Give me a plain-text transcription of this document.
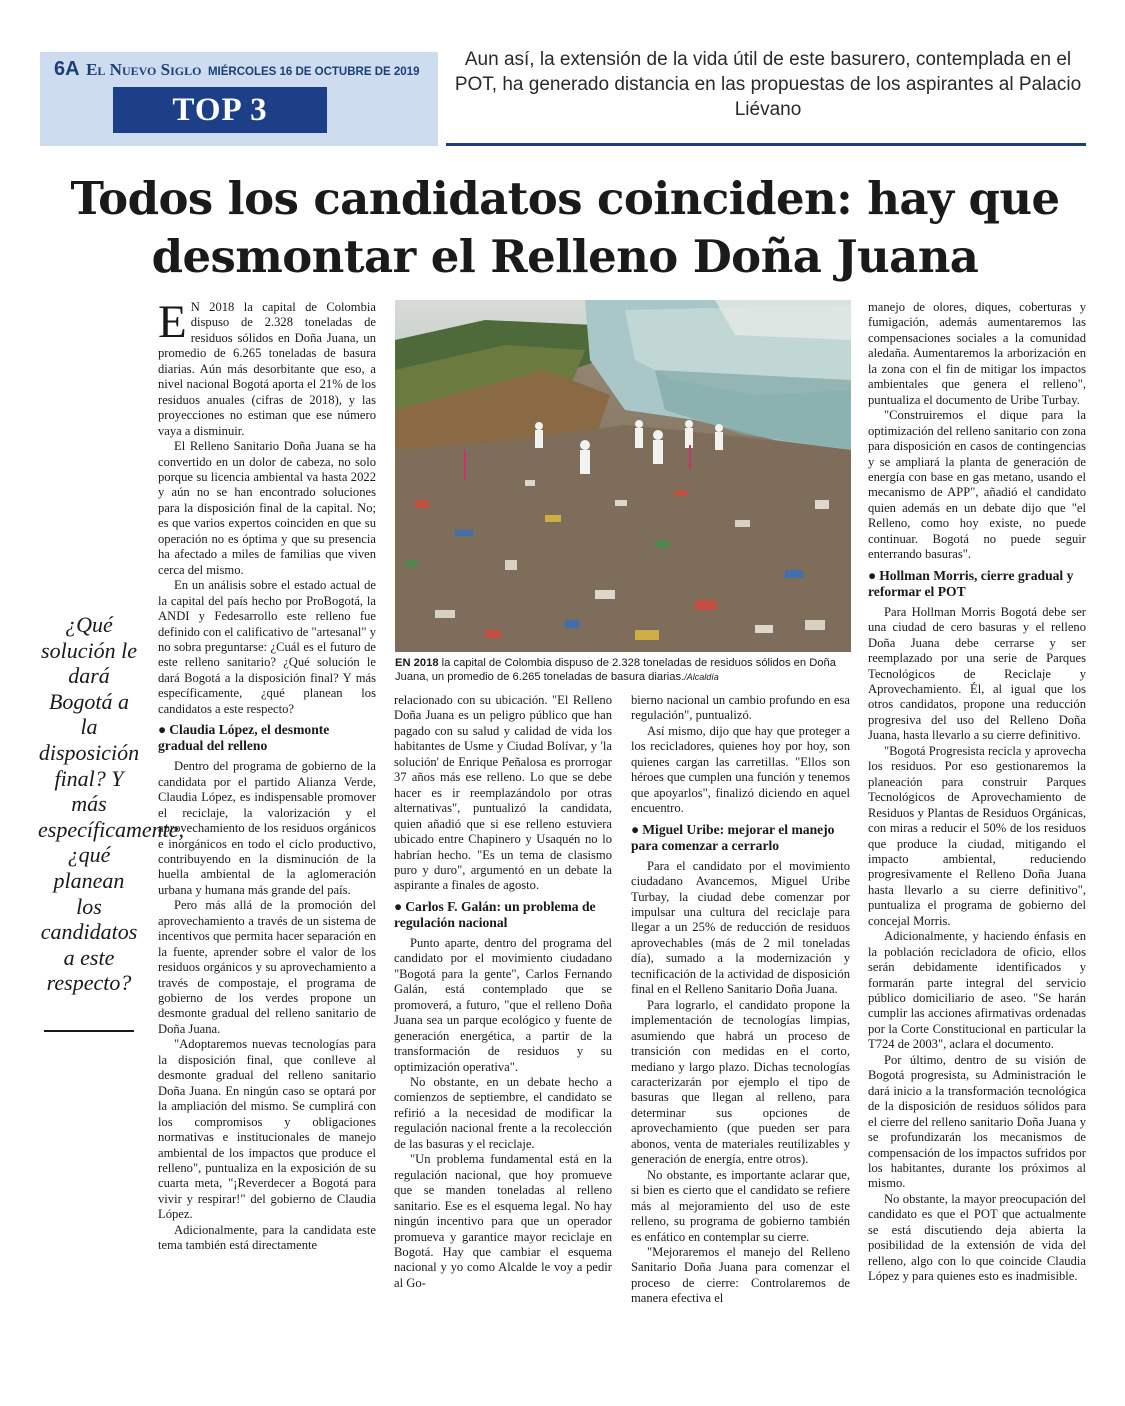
6A El Nuevo Siglo MIÉRCOLES 16 DE OCTUBRE DE 2019
TOP 3
Aun así, la extensión de la vida útil de este basurero, contemplada en el POT, ha generado distancia en las propuestas de los aspirantes al Palacio Liévano
Todos los candidatos coinciden: hay que
desmontar el Relleno Doña Juana
¿Qué solución le dará Bogotá a la disposición final? Y más específicamente, ¿qué planean los candidatos a este respecto?

E N 2018 la capital de Colombia dispuso de 2.328 toneladas de residuos sólidos en Doña Juana, un promedio de 6.265 toneladas de basura diarias. Aún más desorbitante que eso, a nivel nacional Bogotá aporta el 21% de los residuos anuales (cifras de 2018), y las proyecciones no estiman que ese número vaya a disminuir.

El Relleno Sanitario Doña Juana se ha convertido en un dolor de cabeza, no solo porque su licencia ambiental va hasta 2022 y aún no se han encontrado soluciones para la disposición final de la capital. No; es que varios expertos coinciden en que su operación no es óptima y que su presencia ha afectado a miles de familias que viven cerca del mismo.

En un análisis sobre el estado actual de la capital del país hecho por ProBogotá, la ANDI y Fedesarrollo este relleno fue definido con el calificativo de "artesanal" y no sobra preguntarse: ¿Cuál es el futuro de este relleno sanitario? ¿Qué solución le dará Bogotá a la disposición final? Y más específicamente, ¿qué planean los candidatos a este respecto?

● Claudia López, el desmonte gradual del relleno

Dentro del programa de gobierno de la candidata por el partido Alianza Verde, Claudia López, es indispensable promover el reciclaje, la valorización y el aprovechamiento de los residuos orgánicos e inorgánicos en todo el ciclo productivo, contribuyendo en la disminución de la huella ambiental de la aglomeración urbana y humana más grande del país.

Pero más allá de la promoción del aprovechamiento a través de un sistema de incentivos que permita hacer separación en la fuente, aprender sobre el valor de los residuos orgánicos y su aprovechamiento a través de compostaje, el programa de gobierno de los verdes propone un desmonte gradual del relleno sanitario de Doña Juana.

"Adoptaremos nuevas tecnologías para la disposición final, que conlleve al desmonte gradual del relleno sanitario Doña Juana. En ningún caso se optará por la ampliación del mismo. Se cumplirá con los compromisos y obligaciones normativas e institucionales de manejo ambiental de los impactos que produce el relleno", puntualiza en la exposición de su cuarta meta, "¡Reverdecer a Bogotá para vivir y respirar!" del gobierno de Claudia López.

Adicionalmente, para la candidata este tema también está directamente

EN 2018 la capital de Colombia dispuso de 2.328 toneladas de residuos sólidos en Doña Juana, un promedio de 6.265 toneladas de basura diarias./Alcaldía

relacionado con su ubicación. "El Relleno Doña Juana es un peligro público que han pagado con su salud y calidad de vida los habitantes de Usme y Ciudad Bolívar, y 'la solución' de Enrique Peñalosa es prorrogar 37 años más ese relleno. Lo que se debe hacer es ir reemplazándolo por otras alternativas", puntualizó la candidata, quien añadió que si ese relleno estuviera ubicado entre Chapinero y Usaquén no lo habrían hecho. "Es un tema de clasismo puro y duro", argumentó en un debate la aspirante a finales de agosto.

● Carlos F. Galán: un problema de regulación nacional

Punto aparte, dentro del programa del candidato por el movimiento ciudadano "Bogotá para la gente", Carlos Fernando Galán, está contemplado que se promoverá, a futuro, "que el relleno Doña Juana sea un parque ecológico y fuente de generación energética, a partir de la transformación de residuos y su optimización operativa".

No obstante, en un debate hecho a comienzos de septiembre, el candidato se refirió a la necesidad de modificar la regulación nacional frente a la recolección de las basuras y el reciclaje.

"Un problema fundamental está en la regulación nacional, que hoy promueve que se manden toneladas al relleno sanitario. Ese es el esquema legal. No hay ningún incentivo para que un operador promueva y garantice mayor reciclaje en Bogotá. Hay que cambiar el esquema nacional y yo como Alcalde le voy a pedir al Go-

bierno nacional un cambio profundo en esa regulación", puntualizó.

Así mismo, dijo que hay que proteger a los recicladores, quienes hoy por hoy, son quienes cargan las carretillas. "Ellos son héroes que cumplen una función y tenemos que apoyarlos", finalizó diciendo en aquel encuentro.

● Miguel Uribe: mejorar el manejo para comenzar a cerrarlo

Para el candidato por el movimiento ciudadano Avancemos, Miguel Uribe Turbay, la ciudad debe comenzar por impulsar una cultura del reciclaje para llegar a un 25% de reducción de residuos aprovechables (más de 2 mil toneladas día), sumado a la modernización y tecnificación de la actividad de disposición final en el Relleno Sanitario Doña Juana.

Para lograrlo, el candidato propone la implementación de tecnologías limpias, asumiendo que habrá un proceso de transición con medidas en el corto, mediano y largo plazo. Dichas tecnologías caracterizarán por ejemplo el tipo de basuras que llegan al relleno, para determinar sus opciones de aprovechamiento (que pueden ser para abonos, venta de materiales reutilizables y generación de energía, entre otros).

No obstante, es importante aclarar que, si bien es cierto que el candidato se refiere más al mejoramiento del uso de este relleno, su programa de gobierno también es enfático en contemplar su cierre.

"Mejoraremos el manejo del Relleno Sanitario Doña Juana para comenzar el proceso de cierre: Controlaremos de manera efectiva el

manejo de olores, diques, coberturas y fumigación, además aumentaremos las compensaciones sociales a la comunidad aledaña. Aumentaremos la arborización en la zona con el fin de mitigar los impactos ambientales que genera el relleno", puntualiza el documento de Uribe Turbay.

"Construiremos el dique para la optimización del relleno sanitario con zona para disposición en casos de contingencias y se ampliará la planta de generación de energía con base en gas metano, usando el mecanismo de APP", añadió el candidato quien además en un debate dijo que "el Relleno, como hoy existe, no puede continuar. Bogotá no puede seguir enterrando basuras".

● Hollman Morris, cierre gradual y reformar el POT

Para Hollman Morris Bogotá debe ser una ciudad de cero basuras y el relleno Doña Juana debe cerrarse y ser reemplazado por una serie de Parques Tecnológicos de Reciclaje y Aprovechamiento. Él, al igual que los otros candidatos, propone una reducción progresiva del uso del Relleno Doña Juana, hasta llevarlo a su cierre definitivo.

"Bogotá Progresista recicla y aprovecha los residuos. Por eso gestionaremos la planeación para construir Parques Tecnológicos de Aprovechamiento de Residuos y Plantas de Residuos Orgánicas, con miras a reducir el 50% de los residuos que produce la ciudad, mitigando el impacto ambiental, reduciendo progresivamente el Relleno Doña Juana hasta llevarlo a su cierre definitivo", puntualiza el programa de gobierno del concejal Morris.

Adicionalmente, y haciendo énfasis en la población recicladora de oficio, ellos serán debidamente identificados y formarán parte integral del servicio público domiciliario de aseo. "Se harán cumplir las acciones afirmativas ordenadas por la Corte Constitucional en particular la T724 de 2003", aclara el documento.

Por último, dentro de su visión de Bogotá progresista, su Administración le dará inicio a la transformación tecnológica de la disposición de residuos sólidos para el cierre del relleno sanitario Doña Juana y se profundizarán los mecanismos de compensación de los impactos sufridos por los habitantes, durante los próximos al mismo.

No obstante, la mayor preocupación del candidato es que el POT que actualmente se está discutiendo deja abierta la posibilidad de la extensión de vida del relleno, algo con lo que coincide Claudia López y para quienes esto es inadmisible.
